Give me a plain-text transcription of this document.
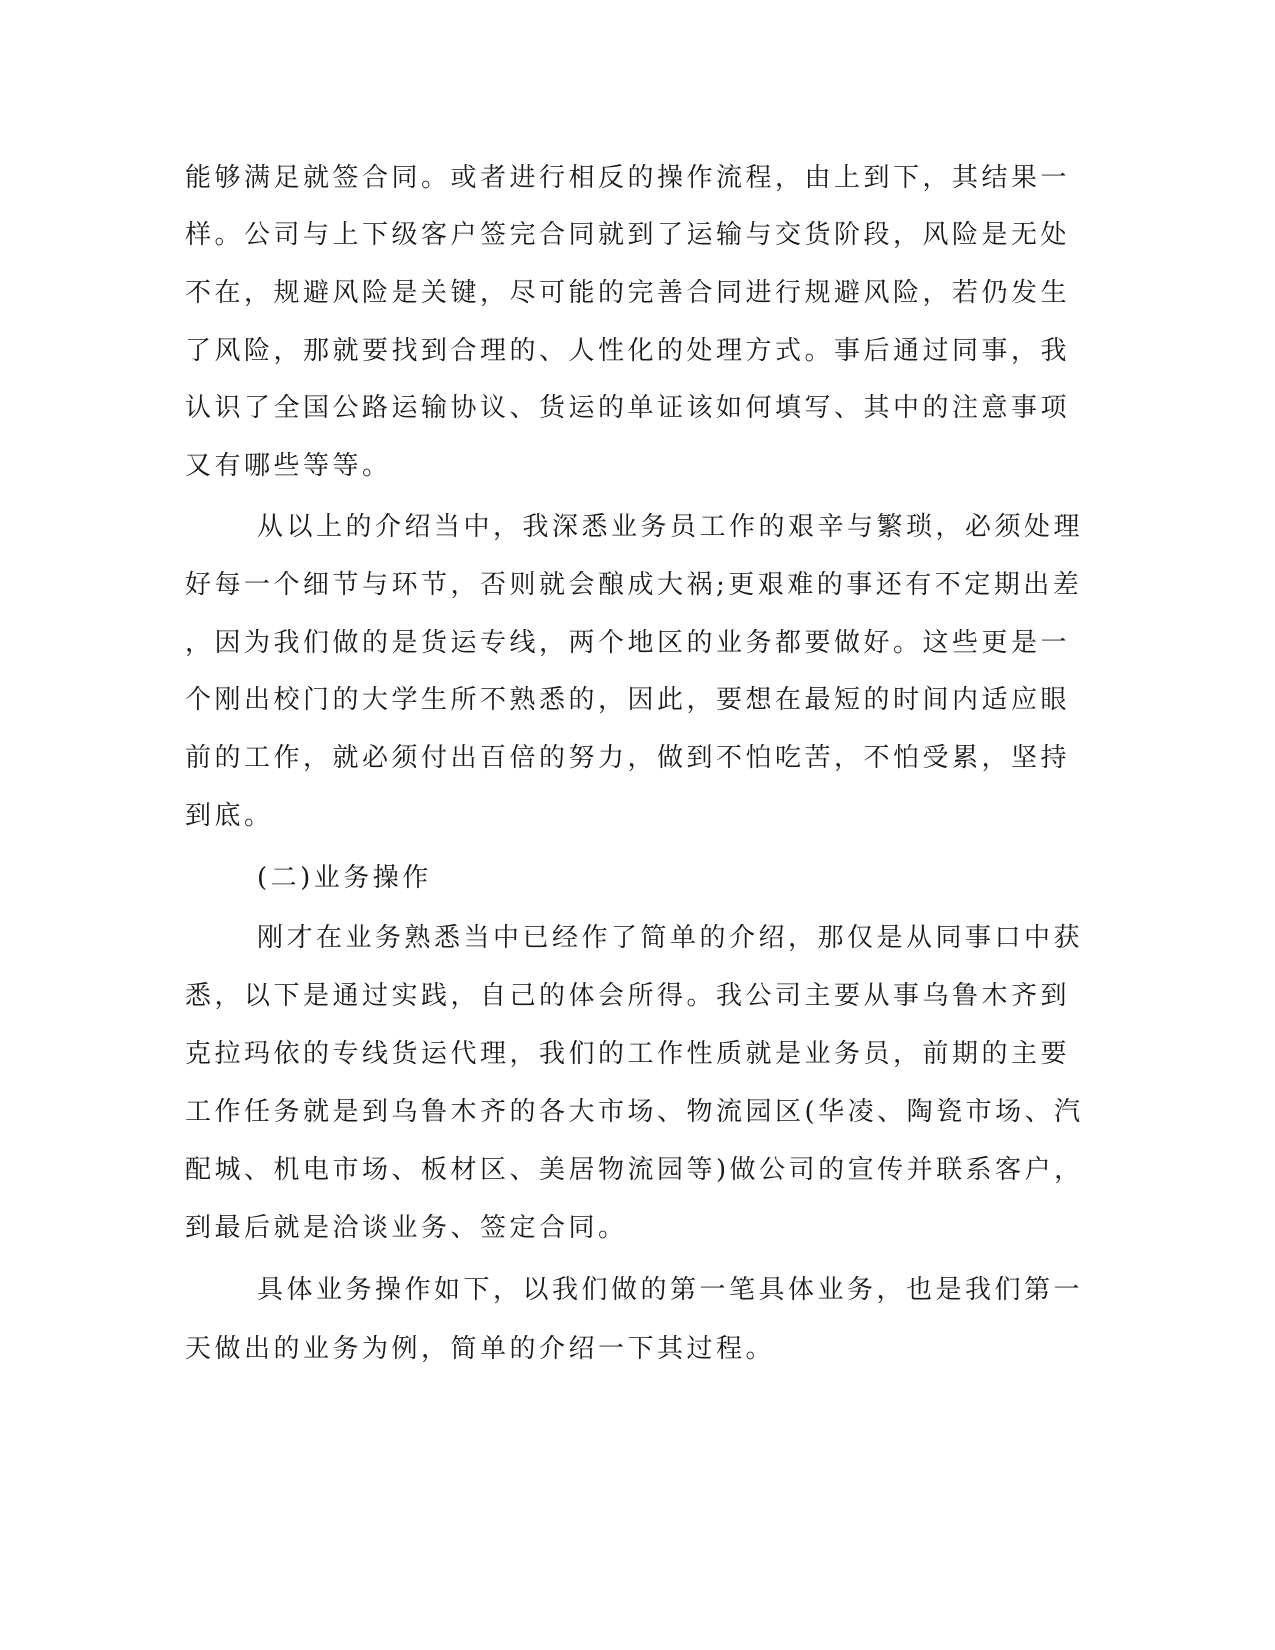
能够满足就签合同。或者进行相反的操作流程，由上到下，其结果一
样。公司与上下级客户签完合同就到了运输与交货阶段，风险是无处
不在，规避风险是关键，尽可能的完善合同进行规避风险，若仍发生
了风险，那就要找到合理的、人性化的处理方式。事后通过同事，我
认识了全国公路运输协议、货运的单证该如何填写、其中的注意事项
又有哪些等等。
从以上的介绍当中，我深悉业务员工作的艰辛与繁琐，必须处理
好每一个细节与环节，否则就会酿成大祸;更艰难的事还有不定期出差
，因为我们做的是货运专线，两个地区的业务都要做好。这些更是一
个刚出校门的大学生所不熟悉的，因此，要想在最短的时间内适应眼
前的工作，就必须付出百倍的努力，做到不怕吃苦，不怕受累，坚持
到底。
(二)业务操作
刚才在业务熟悉当中已经作了简单的介绍，那仅是从同事口中获
悉，以下是通过实践，自己的体会所得。我公司主要从事乌鲁木齐到
克拉玛依的专线货运代理，我们的工作性质就是业务员，前期的主要
工作任务就是到乌鲁木齐的各大市场、物流园区(华凌、陶瓷市场、汽
配城、机电市场、板材区、美居物流园等)做公司的宣传并联系客户，
到最后就是洽谈业务、签定合同。
具体业务操作如下，以我们做的第一笔具体业务，也是我们第一
天做出的业务为例，简单的介绍一下其过程。
